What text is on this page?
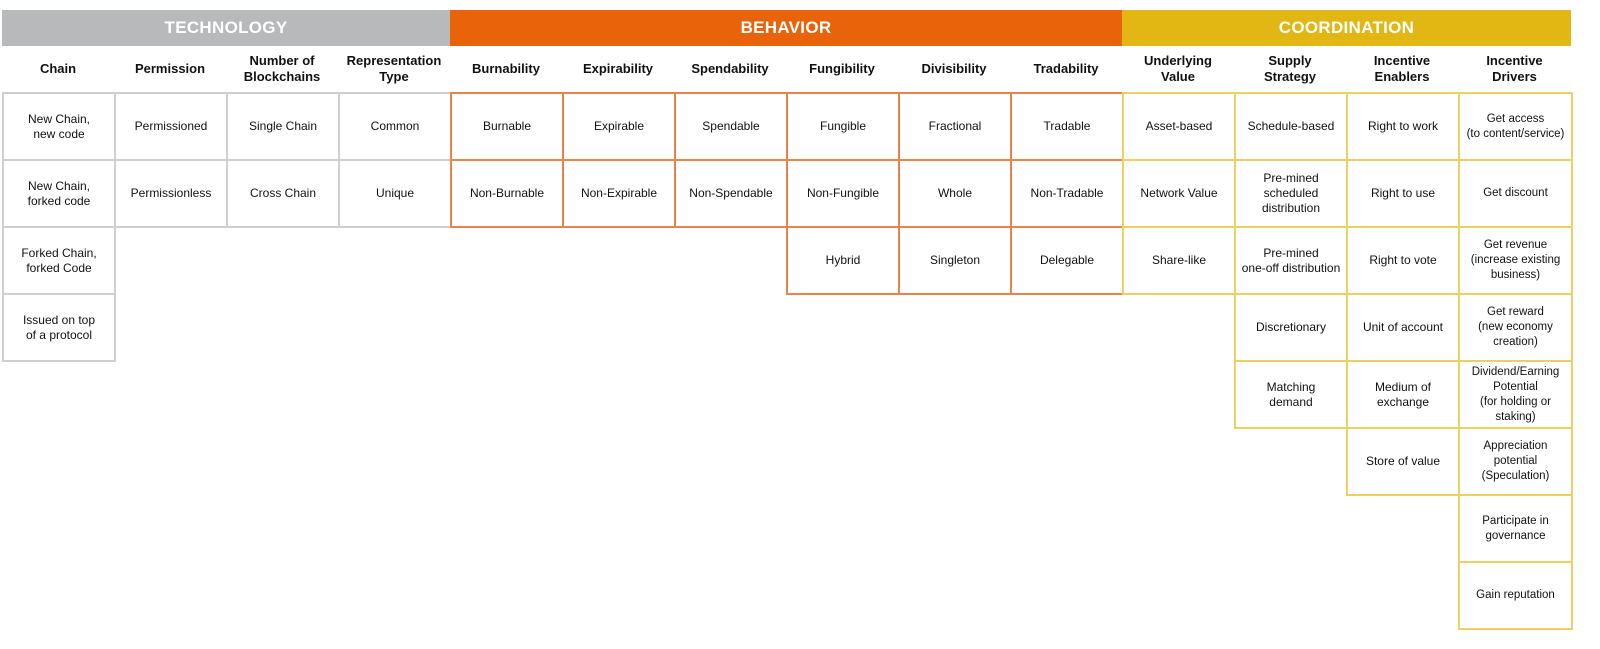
TECHNOLOGY
Chain
New Chain,
new code
New Chain,
forked code
Forked Chain,
forked Code
Issued on top
of a protocol
Permission
Permissioned
Permissionless
Number of
Blockchains
Single Chain
Cross Chain
Representation
Type
Common
Unique
BEHAVIOR
Burnability
Burnable
Non-Burnable
Expirability
Expirable
Non-Expirable
Spendability
Spendable
Non-Spendable
Fungibility
Fungible
Non-Fungible
Hybrid
Divisibility
Fractional
Whole
Singleton
Tradability
Tradable
Non-Tradable
Delegable
COORDINATION
Underlying
Value
Asset-based
Network Value
Share-like
Supply
Strategy
Schedule-based
Pre-mined
scheduled
distribution
Pre-mined
one-off distribution
Discretionary
Matching
demand
Incentive
Enablers
Right to work
Right to use
Right to vote
Unit of account
Medium of
exchange
Store of value
Incentive
Drivers
Get access
(to content/service)
Get discount
Get revenue
(increase existing
business)
Get reward
(new economy
creation)
Dividend/Earning
Potential
(for holding or
staking)
Appreciation
potential
(Speculation)
Participate in
governance
Gain reputation
